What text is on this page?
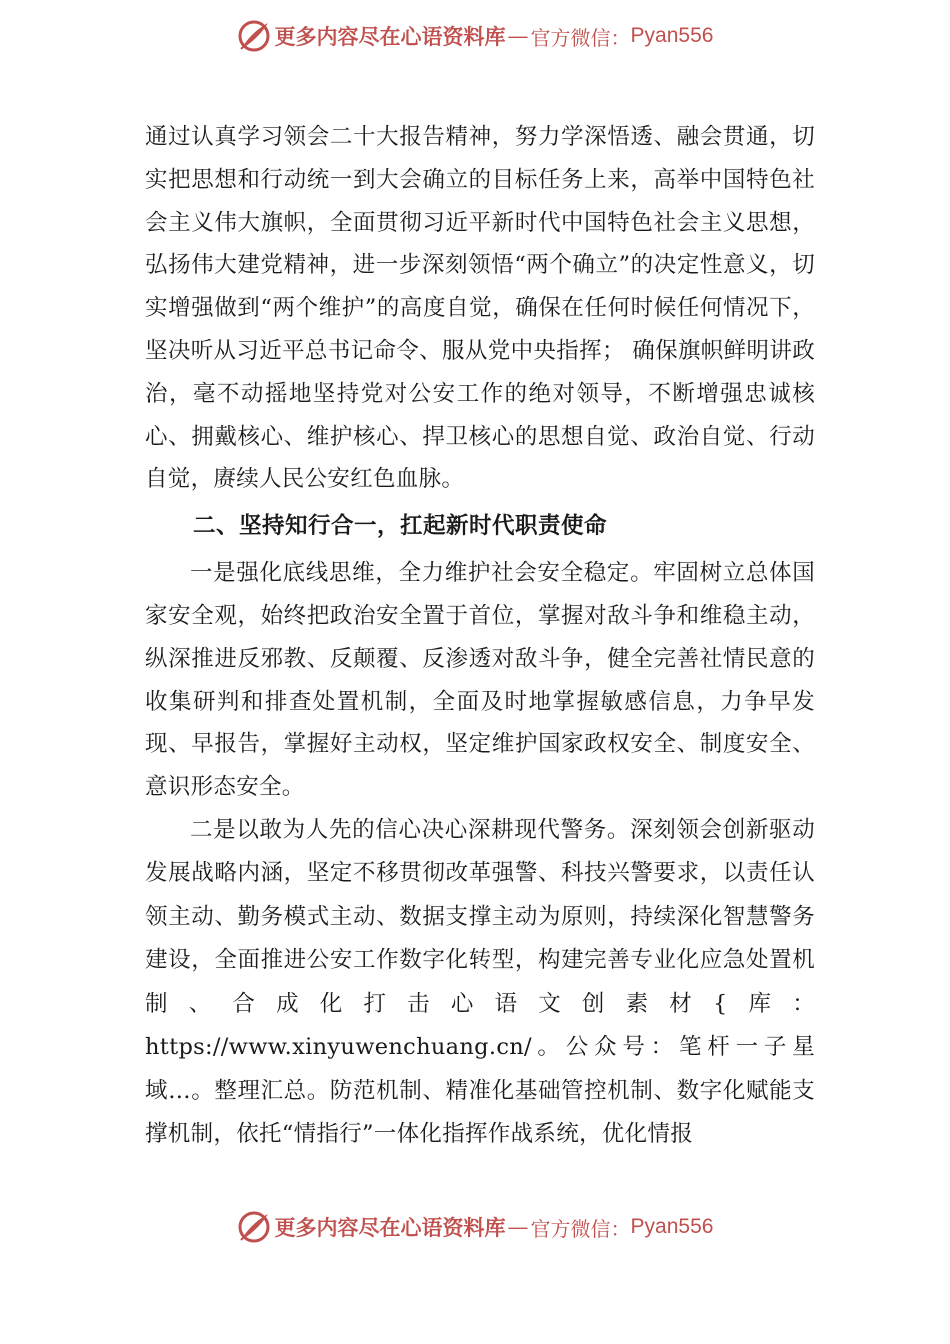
更多内容尽在心语资料库 — 官方微信： Pyan556

通过认真学习领会二十大报告精神，努力学深悟透、融会贯通，切实把思想和行动统一到大会确立的目标任务上来，高举中国特色社会主义伟大旗帜，全面贯彻习近平新时代中国特色社会主义思想，弘扬伟大建党精神，进一步深刻领悟“两个确立”的决定性意义，切实增强做到“两个维护”的高度自觉，确保在任何时候任何情况下，坚决听从习近平总书记命令、服从党中央指挥； 确保旗帜鲜明讲政治，毫不动摇地坚持党对公安工作的绝对领导，不断增强忠诚核心、拥戴核心、维护核心、捍卫核心的思想自觉、政治自觉、行动自觉，赓续人民公安红色血脉。

二、坚持知行合一，扛起新时代职责使命

一是强化底线思维，全力维护社会安全稳定。牢固树立总体国家安全观，始终把政治安全置于首位，掌握对敌斗争和维稳主动，纵深推进反邪教、反颠覆、反渗透对敌斗争，健全完善社情民意的收集研判和排查处置机制，全面及时地掌握敏感信息，力争早发现、早报告，掌握好主动权，坚定维护国家政权安全、制度安全、意识形态安全。

二是以敢为人先的信心决心深耕现代警务。深刻领会创新驱动发展战略内涵，坚定不移贯彻改革强警、科技兴警要求，以责任认领主动、勤务模式主动、数据支撑主动为原则，持续深化智慧警务建设，全面推进公安工作数字化转型，构建完善专业化应急处置机制、合成化打击心语文创素材{库：https://www.xinyuwenchuang.cn/。公众号：笔杆一子星域…。整理汇总。防范机制、精准化基础管控机制、数字化赋能支撑机制，依托“情指行”一体化指挥作战系统，优化情报

更多内容尽在心语资料库 — 官方微信： Pyan556
